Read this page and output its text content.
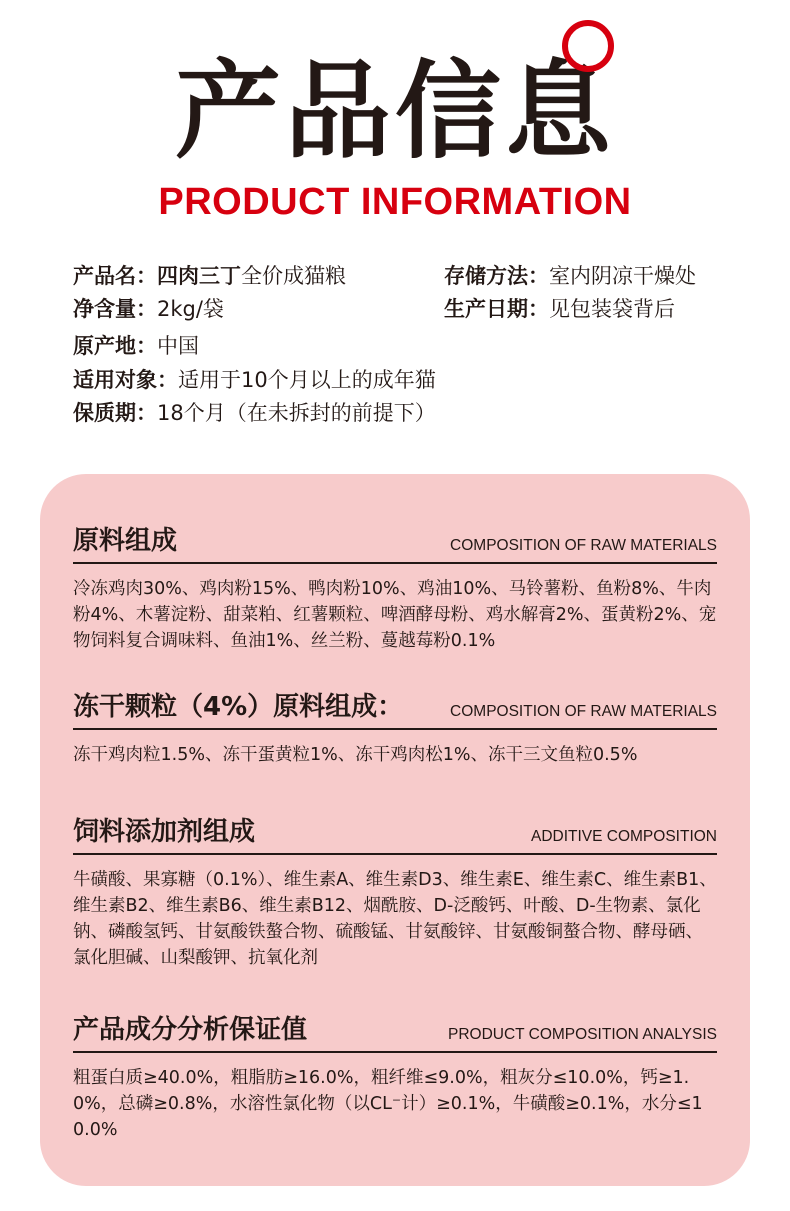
产品信息
PRODUCT INFORMATION
产品名：四肉三丁全价成猫粮
净含量：2kg/袋
原产地：中国
适用对象：适用于10个月以上的成年猫
保质期：18个月（在未拆封的前提下）
存储方法：室内阴凉干燥处
生产日期：见包装袋背后
原料组成	COMPOSITION OF RAW MATERIALS
冷冻鸡肉30%、鸡肉粉15%、鸭肉粉10%、鸡油10%、马铃薯粉、鱼粉8%、牛肉粉4%、木薯淀粉、甜菜粕、红薯颗粒、啤酒酵母粉、鸡水解膏2%、蛋黄粉2%、宠物饲料复合调味料、鱼油1%、丝兰粉、蔓越莓粉0.1%
冻干颗粒（4%）原料组成：	COMPOSITION OF RAW MATERIALS
冻干鸡肉粒1.5%、冻干蛋黄粒1%、冻干鸡肉松1%、冻干三文鱼粒0.5%
饲料添加剂组成	ADDITIVE COMPOSITION
牛磺酸、果寡糖（0.1%）、维生素A、维生素D3、维生素E、维生素C、维生素B1、维生素B2、维生素B6、维生素B12、烟酰胺、D-泛酸钙、叶酸、D-生物素、氯化钠、磷酸氢钙、甘氨酸铁螯合物、硫酸锰、甘氨酸锌、甘氨酸铜螯合物、酵母硒、氯化胆碱、山梨酸钾、抗氧化剂
产品成分分析保证值	PRODUCT COMPOSITION ANALYSIS
粗蛋白质≥40.0%，粗脂肪≥16.0%，粗纤维≤9.0%，粗灰分≤10.0%，钙≥1.0%，总磷≥0.8%，水溶性氯化物（以CL⁻计）≥0.1%，牛磺酸≥0.1%，水分≤10.0%
